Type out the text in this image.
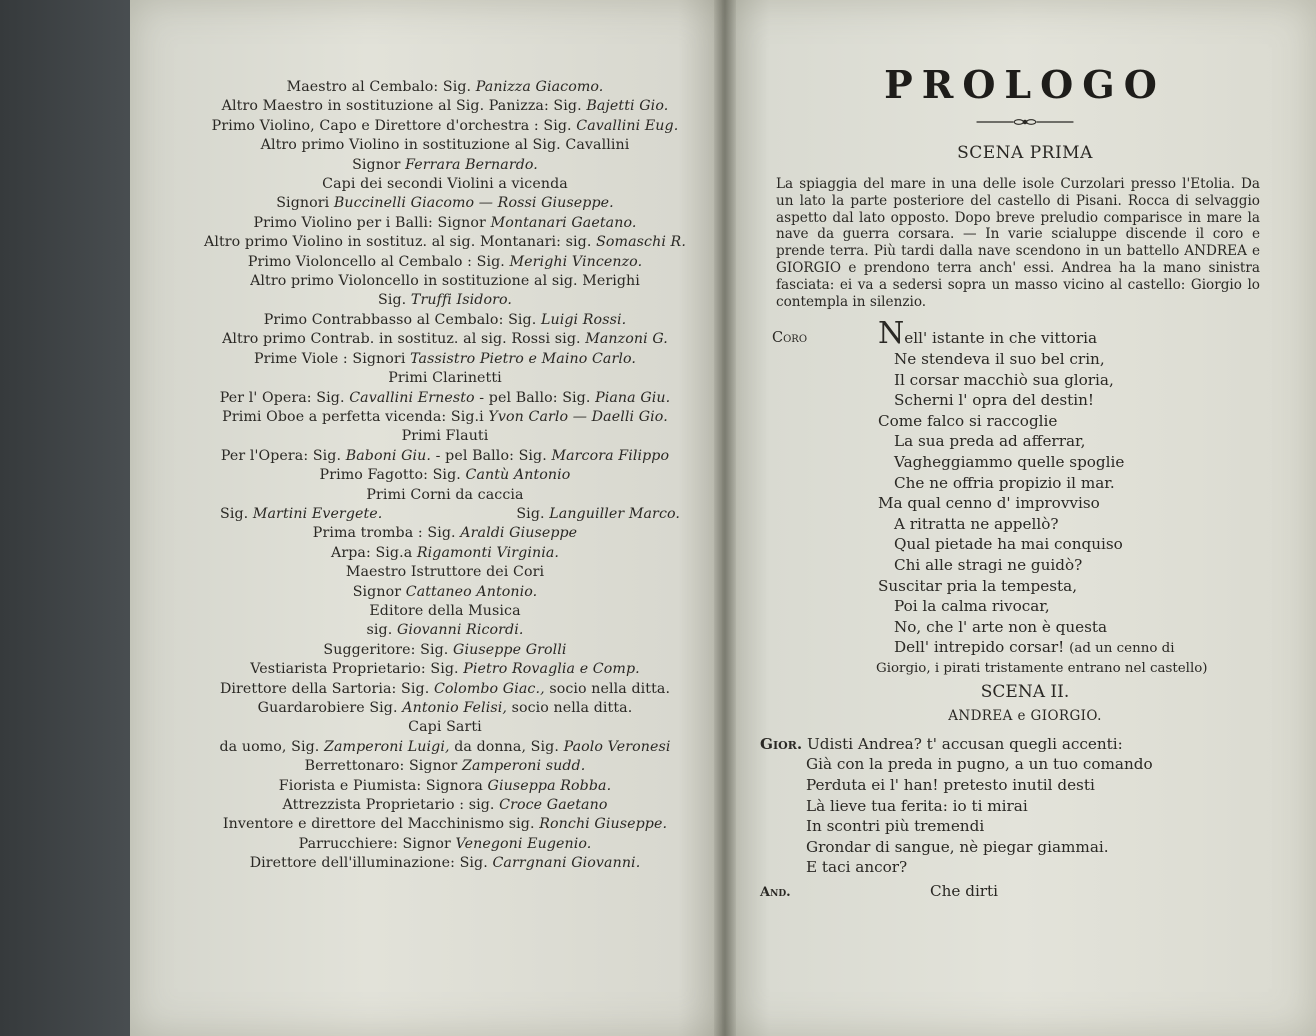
Maestro al Cembalo: Sig. Panizza Giacomo.
Altro Maestro in sostituzione al Sig. Panizza: Sig. Bajetti Gio.
Primo Violino, Capo e Direttore d'orchestra : Sig. Cavallini Eug.
Altro primo Violino in sostituzione al Sig. Cavallini
Signor Ferrara Bernardo.
Capi dei secondi Violini a vicenda
Signori Buccinelli Giacomo — Rossi Giuseppe.
Primo Violino per i Balli: Signor Montanari Gaetano.
Altro primo Violino in sostituz. al sig. Montanari: sig. Somaschi R.
Primo Violoncello al Cembalo : Sig. Merighi Vincenzo.
Altro primo Violoncello in sostituzione al sig. Merighi
Sig. Truffi Isidoro.
Primo Contrabbasso al Cembalo: Sig. Luigi Rossi.
Altro primo Contrab. in sostituz. al sig. Rossi sig. Manzoni G.
Prime Viole : Signori Tassistro Pietro e Maino Carlo.
Primi Clarinetti
Per l' Opera: Sig. Cavallini Ernesto - pel Ballo: Sig. Piana Giu.
Primi Oboe a perfetta vicenda: Sig.i Yvon Carlo — Daelli Gio.
Primi Flauti
Per l'Opera: Sig. Baboni Giu. - pel Ballo: Sig. Marcora Filippo
Primo Fagotto: Sig. Cantù Antonio
Primi Corni da caccia
Sig. Martini Evergete.	Sig. Languiller Marco.
Prima tromba : Sig. Araldi Giuseppe
Arpa: Sig.a Rigamonti Virginia.
Maestro Istruttore dei Cori
Signor Cattaneo Antonio.
Editore della Musica
sig. Giovanni Ricordi.
Suggeritore: Sig. Giuseppe Grolli
Vestiarista Proprietario: Sig. Pietro Rovaglia e Comp.
Direttore della Sartoria: Sig. Colombo Giac., socio nella ditta.
Guardarobiere Sig. Antonio Felisi, socio nella ditta.
Capi Sarti
da uomo, Sig. Zamperoni Luigi, da donna, Sig. Paolo Veronesi
Berrettonaro: Signor Zamperoni sudd.
Fiorista e Piumista: Signora Giuseppa Robba.
Attrezzista Proprietario : sig. Croce Gaetano
Inventore e direttore del Macchinismo sig. Ronchi Giuseppe.
Parrucchiere: Signor Venegoni Eugenio.
Direttore dell'illuminazione: Sig. Carrgnani Giovanni.
PROLOGO
SCENA PRIMA
La spiaggia del mare in una delle isole Curzolari presso l'Etolia. Da un lato la parte posteriore del castello di Pisani. Rocca di selvaggio aspetto dal lato opposto. Dopo breve preludio comparisce in mare la nave da guerra corsara. — In varie scialuppe discende il coro e prende terra. Più tardi dalla nave scendono in un battello ANDREA e GIORGIO e prendono terra anch' essi. Andrea ha la mano sinistra fasciata: ei va a sedersi sopra un masso vicino al castello: Giorgio lo contempla in silenzio.
Coro Nell' istante in che vittoria
Ne stendeva il suo bel crin,
Il corsar macchiò sua gloria,
Scherni l' opra del destin!
Come falco si raccoglie
La sua preda ad afferrar,
Vagheggiammo quelle spoglie
Che ne offria propizio il mar.
Ma qual cenno d' improvviso
A ritratta ne appellò?
Qual pietade ha mai conquiso
Chi alle stragi ne guidò?
Suscitar pria la tempesta,
Poi la calma rivocar,
No, che l' arte non è questa
Dell' intrepido corsar! (ad un cenno di
Giorgio, i pirati tristamente entrano nel castello)
SCENA II.
ANDREA e GIORGIO.
Gior. Udisti Andrea? t' accusan quegli accenti:
Già con la preda in pugno, a un tuo comando
Perduta ei l' han! pretesto inutil desti
Là lieve tua ferita: io ti mirai
In scontri più tremendi
Grondar di sangue, nè piegar giammai.
E taci ancor?
And.	Che dirti
